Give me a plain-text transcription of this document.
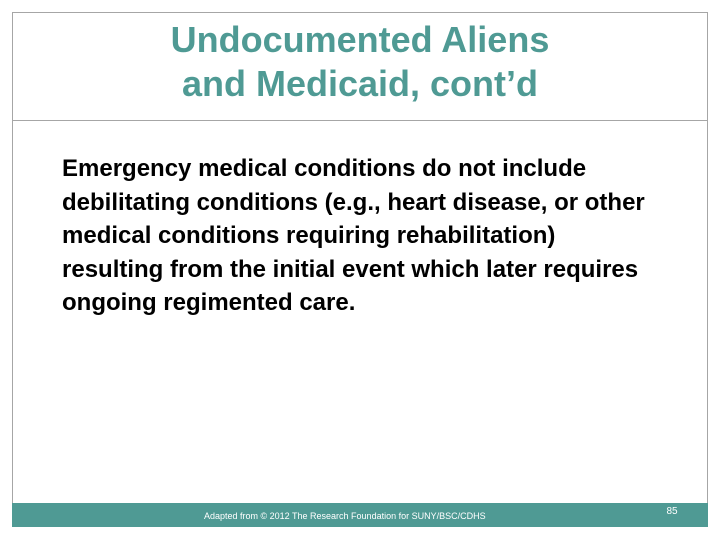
Undocumented Aliens
and Medicaid, cont’d
Emergency medical conditions do not include debilitating conditions (e.g., heart disease, or other medical conditions requiring rehabilitation) resulting from the initial event which later requires ongoing regimented care.
Adapted from © 2012 The Research Foundation for SUNY/BSC/CDHS	85
